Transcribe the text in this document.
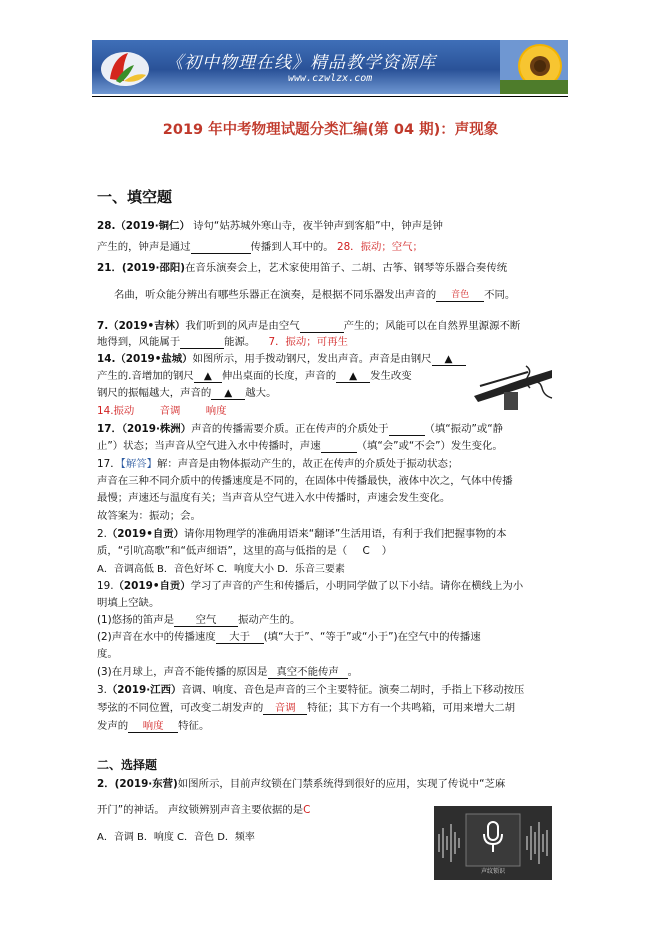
《初中物理在线》精品教学资源库
www.czwlzx.com
2019 年中考物理试题分类汇编(第 04 期)：声现象
一、填空题
28.（2019·铜仁） 诗句“姑苏城外寒山寺，夜半钟声到客船”中，钟声是钟
产生的，钟声是通过	传播到人耳中的。 28．振动；空气；
21．(2019·邵阳)在音乐演奏会上，艺术家使用笛子、二胡、古筝、钢琴等乐器合奏传统
名曲，听众能分辨出有哪些乐器正在演奏，是根据不同乐器发出声音的 音色 不同。
7.（2019•吉林）我们听到的风声是由空气	产生的；风能可以在自然界里源源不断
地得到，风能属于	能源。 7．振动；可再生
14.（2019•盐城）如图所示，用手拨动钢尺，发出声音。声音是由钢尺 ▲
产生的.音增加的钢尺 ▲ 伸出桌面的长度，声音的 ▲ 发生改变
钢尺的振幅越大，声音的 ▲ 越大。
14.振动 音调 响度
17．（2019·株洲）声音的传播需要介质。正在传声的介质处于	（填“振动”或“静
止”）状态；当声音从空气进入水中传播时，声速	（填“会”或“不会”）发生变化。
17．【解答】解：声音是由物体振动产生的，故正在传声的介质处于振动状态；
声音在三种不同介质中的传播速度是不同的，在固体中传播最快，液体中次之，气体中传播
最慢；声速还与温度有关；当声音从空气进入水中传播时，声速会发生变化。
故答案为：振动；会。
2.（2019•自贡）请你用物理学的准确用语来“翻译”生活用语，有利于我们把握事物的本
质，“引吭高歌”和“低声细语”，这里的高与低指的是（ C ）
A．音调高低 B．音色好坏 C．响度大小 D．乐音三要素
19.（2019•自贡）学习了声音的产生和传播后，小明同学做了以下小结。请你在横线上为小
明填上空缺。
(1)悠扬的笛声是 空气 振动产生的。
(2)声音在水中的传播速度 大于 (填“大于”、“等于”或“小于”)在空气中的传播速
度。
(3)在月球上，声音不能传播的原因是 真空不能传声 。
3.（2019·江西）音调、响度、音色是声音的三个主要特征。演奏二胡时，手指上下移动按压
琴弦的不同位置，可改变二胡发声的 音调 特征；其下方有一个共鸣箱，可用来增大二胡
发声的 响度 特征。
二、选择题
2．(2019·东营)如图所示，目前声纹锁在门禁系统得到很好的应用，实现了传说中“芝麻
开门”的神话。 声纹锁辨别声音主要依据的是C
A．音调 B．响度 C．音色 D．频率
声纹锁识
